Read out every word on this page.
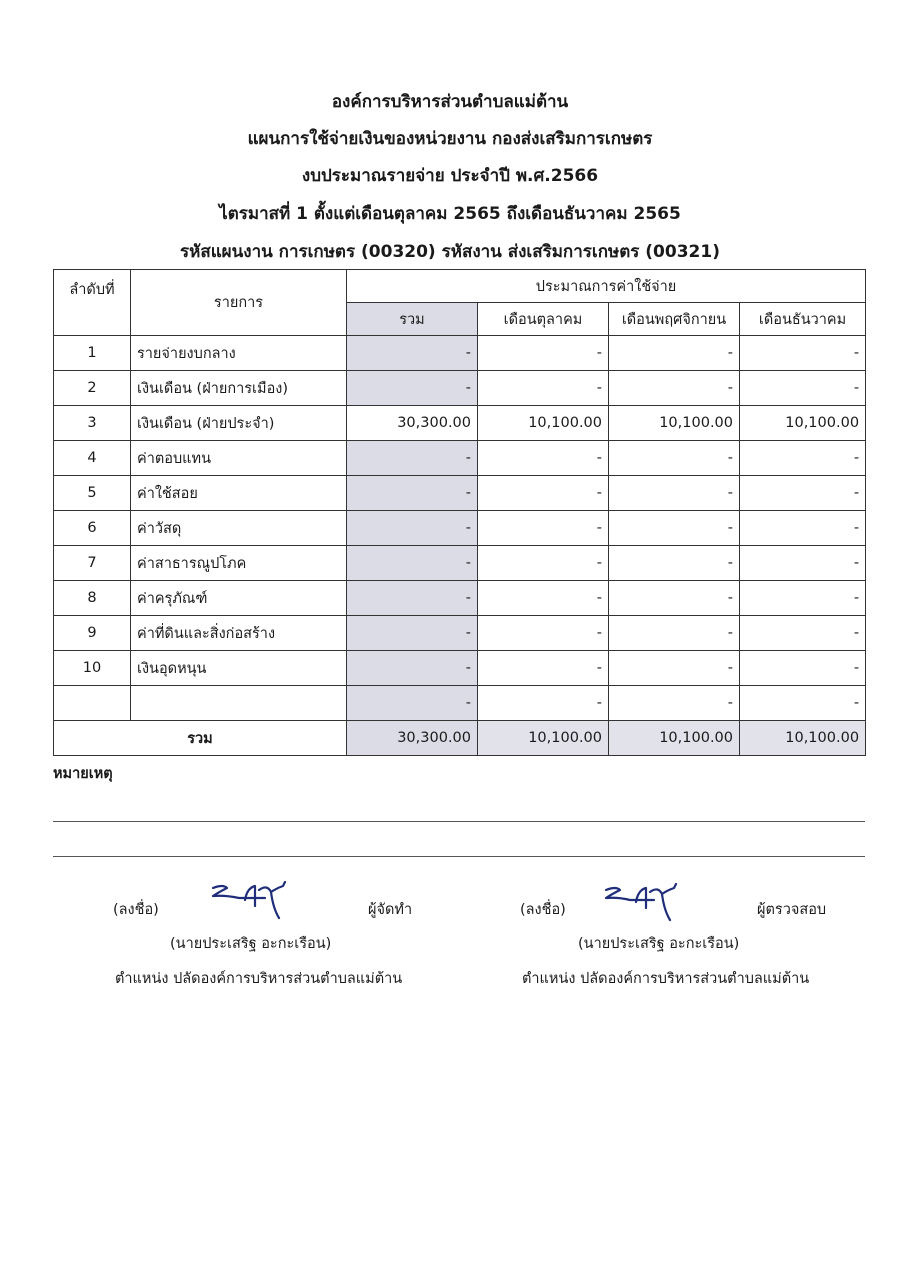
องค์การบริหารส่วนตำบลแม่ต้าน
แผนการใช้จ่ายเงินของหน่วยงาน กองส่งเสริมการเกษตร
งบประมาณรายจ่าย ประจำปี พ.ศ.2566
ไตรมาสที่ 1 ตั้งแต่เดือนตุลาคม 2565 ถึงเดือนธันวาคม 2565
รหัสแผนงาน การเกษตร (00320) รหัสงาน ส่งเสริมการเกษตร (00321)
ลำดับที่	รายการ	ประมาณการค่าใช้จ่าย			
		รวม	เดือนตุลาคม	เดือนพฤศจิกายน	เดือนธันวาคม
1	รายจ่ายงบกลาง	-	-	-	-
2	เงินเดือน (ฝ่ายการเมือง)	-	-	-	-
3	เงินเดือน (ฝ่ายประจำ)	30,300.00	10,100.00	10,100.00	10,100.00
4	ค่าตอบแทน	-	-	-	-
5	ค่าใช้สอย	-	-	-	-
6	ค่าวัสดุ	-	-	-	-
7	ค่าสาธารณูปโภค	-	-	-	-
8	ค่าครุภัณฑ์	-	-	-	-
9	ค่าที่ดินและสิ่งก่อสร้าง	-	-	-	-
10	เงินอุดหนุน	-	-	-	-
		-	-	-	-
รวม		30,300.00	10,100.00	10,100.00	10,100.00
หมายเหตุ
(ลงชื่อ)	ผู้จัดทำ
(นายประเสริฐ อะกะเรือน)
ตำแหน่ง ปลัดองค์การบริหารส่วนตำบลแม่ต้าน
(ลงชื่อ)	ผู้ตรวจสอบ
(นายประเสริฐ อะกะเรือน)
ตำแหน่ง ปลัดองค์การบริหารส่วนตำบลแม่ต้าน
